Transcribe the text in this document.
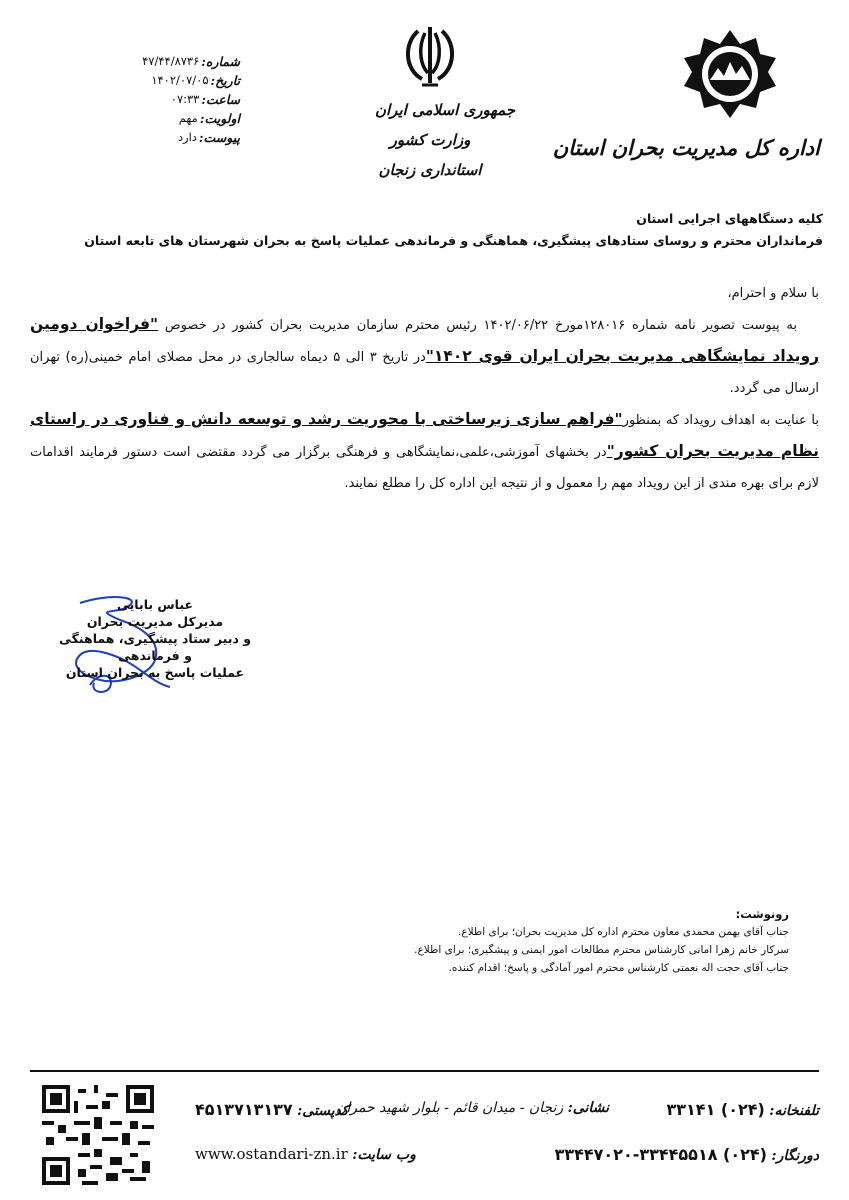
شماره:
۴۷/۴۴/۸۷۳۶
تاریخ:
۱۴۰۲/۰۷/۰۵
ساعت:
۰۷:۳۳
اولویت:
مهم
پیوست:
دارد
جمهوری اسلامی ایران
وزارت کشور
استانداری زنجان
اداره کل مدیریت بحران استان
کلیه دستگاههای اجرایی استان
فرمانداران محترم و روسای ستادهای پیشگیری، هماهنگی و فرماندهی عملیات پاسخ به بحران شهرستان های تابعه استان
با سلام و احترام،
به پیوست تصویر نامه شماره ۱۲۸۰۱۶مورخ ۱۴۰۲/۰۶/۲۲ رئیس محترم سازمان مدیریت بحران کشور در خصوص "فراخوان دومین رویداد نمایشگاهی مدیریت بحران ایران قوی ۱۴۰۲"در تاریخ ۳ الی ۵ دیماه سالجاری در محل مصلای امام خمینی(ره) تهران ارسال می گردد.
با عنایت به اهداف رویداد که بمنظور"فراهم سازی زیرساختی با محوریت رشد و توسعه دانش و فناوری در راستای نظام مدیریت بحران کشور"در بخشهای آموزشی،علمی،نمایشگاهی و فرهنگی برگزار می گردد مقتضی است دستور فرمایند اقدامات لازم برای بهره مندی از این رویداد مهم را معمول و از نتیجه این اداره کل را مطلع نمایند.
عباس بابایی
مدیرکل مدیریت بحران
و دبیر ستاد پیشگیری، هماهنگی و فرماندهی
عملیات پاسخ به بحران استان
رونوشت:
جناب آقای بهمن محمدی معاون محترم اداره کل مدیریت بحران؛ برای اطلاع.
سرکار خانم زهرا امانی کارشناس محترم مطالعات امور ایمنی و پیشگیری؛ برای اطلاع.
جناب آقای حجت اله نعمتی کارشناس محترم امور آمادگی و پاسخ؛ اقدام کننده.
تلفنخانه: (۰۲۴) ۳۳۱۴۱
نشانی: زنجان - میدان قائم - بلوار شهید حمران
کدپستی: ۴۵۱۳۷۱۳۱۳۷
دورنگار: (۰۲۴) ۳۳۴۴۵۵۱۸-۳۳۴۴۷۰۲۰
وب سایت: www.ostandari-zn.ir
